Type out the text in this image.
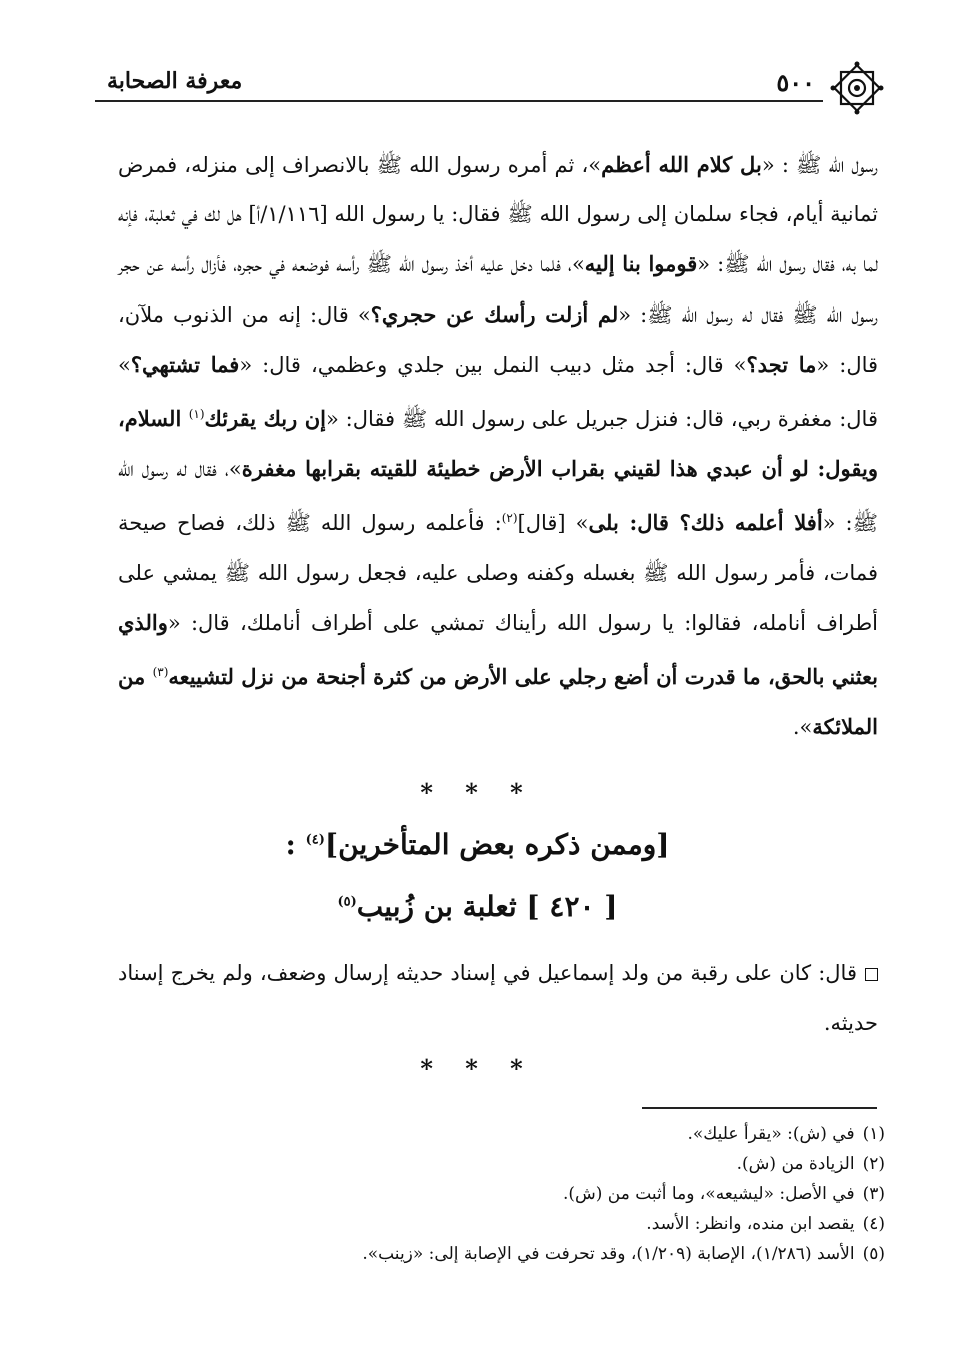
٥٠٠
معرفة الصحابة
رسول الله ﷺ : «بل كلام الله أعظم»، ثم أمره رسول الله ﷺ بالانصراف إلى منزله، فمرض ثمانية أيام، فجاء سلمان إلى رسول الله ﷺ فقال: يا رسول الله [١/١١٦/أ] هل لك في ثعلبة، فإنه لما به، فقال رسول الله ﷺ: «قوموا بنا إليه»، فلما دخل عليه أخذ رسول الله ﷺ رأسه فوضعه في حجره، فأزال رأسه عن حجر رسول الله ﷺ فقال له رسول الله ﷺ: «لم أزلت رأسك عن حجري؟» قال: إنه من الذنوب ملآن، قال: «ما تجد؟» قال: أجد مثل دبيب النمل بين جلدي وعظمي، قال: «فما تشتهي؟» قال: مغفرة ربي، قال: فنزل جبريل على رسول الله ﷺ فقال: «إن ربك يقرئك$^{(١)}$ السلام، ويقول: لو أن عبدي هذا لقيني بقراب الأرض خطيئة للقيته بقرابها مغفرة»، فقال له رسول الله ﷺ: «أفلا أعلمه ذلك؟ قال: بلى» [قال]$^{(٢)}$: فأعلمه رسول الله ﷺ ذلك، فصاح صيحة فمات، فأمر رسول الله ﷺ بغسله وكفنه وصلى عليه، فجعل رسول الله ﷺ يمشي على أطراف أنامله، فقالوا: يا رسول الله رأيناك تمشي على أطراف أناملك، قال: «والذي بعثني بالحق، ما قدرت أن أضع رجلي على الأرض من كثرة أجنحة من نزل لتشييعه$^{(٣)}$ من الملائكة».
* * *
[وممن ذكره بعض المتأخرين]$^{(٤)}$ :
[ ٤٢٠ ] ثعلبة بن زُبيب$^{(٥)}$
قال: كان على رقبة من ولد إسماعيل في إسناد حديثه إرسال وضعف، ولم يخرج إسناد حديثه.
* * *
(١)في (ش): «يقرأ عليك».
(٢)الزيادة من (ش).
(٣)في الأصل: «ليشيعه»، وما أثبت من (ش).
(٤)يقصد ابن منده، وانظر: الأسد.
(٥)الأسد (١/٢٨٦)، الإصابة (١/٢٠٩)، وقد تحرفت في الإصابة إلى: «زينب».
